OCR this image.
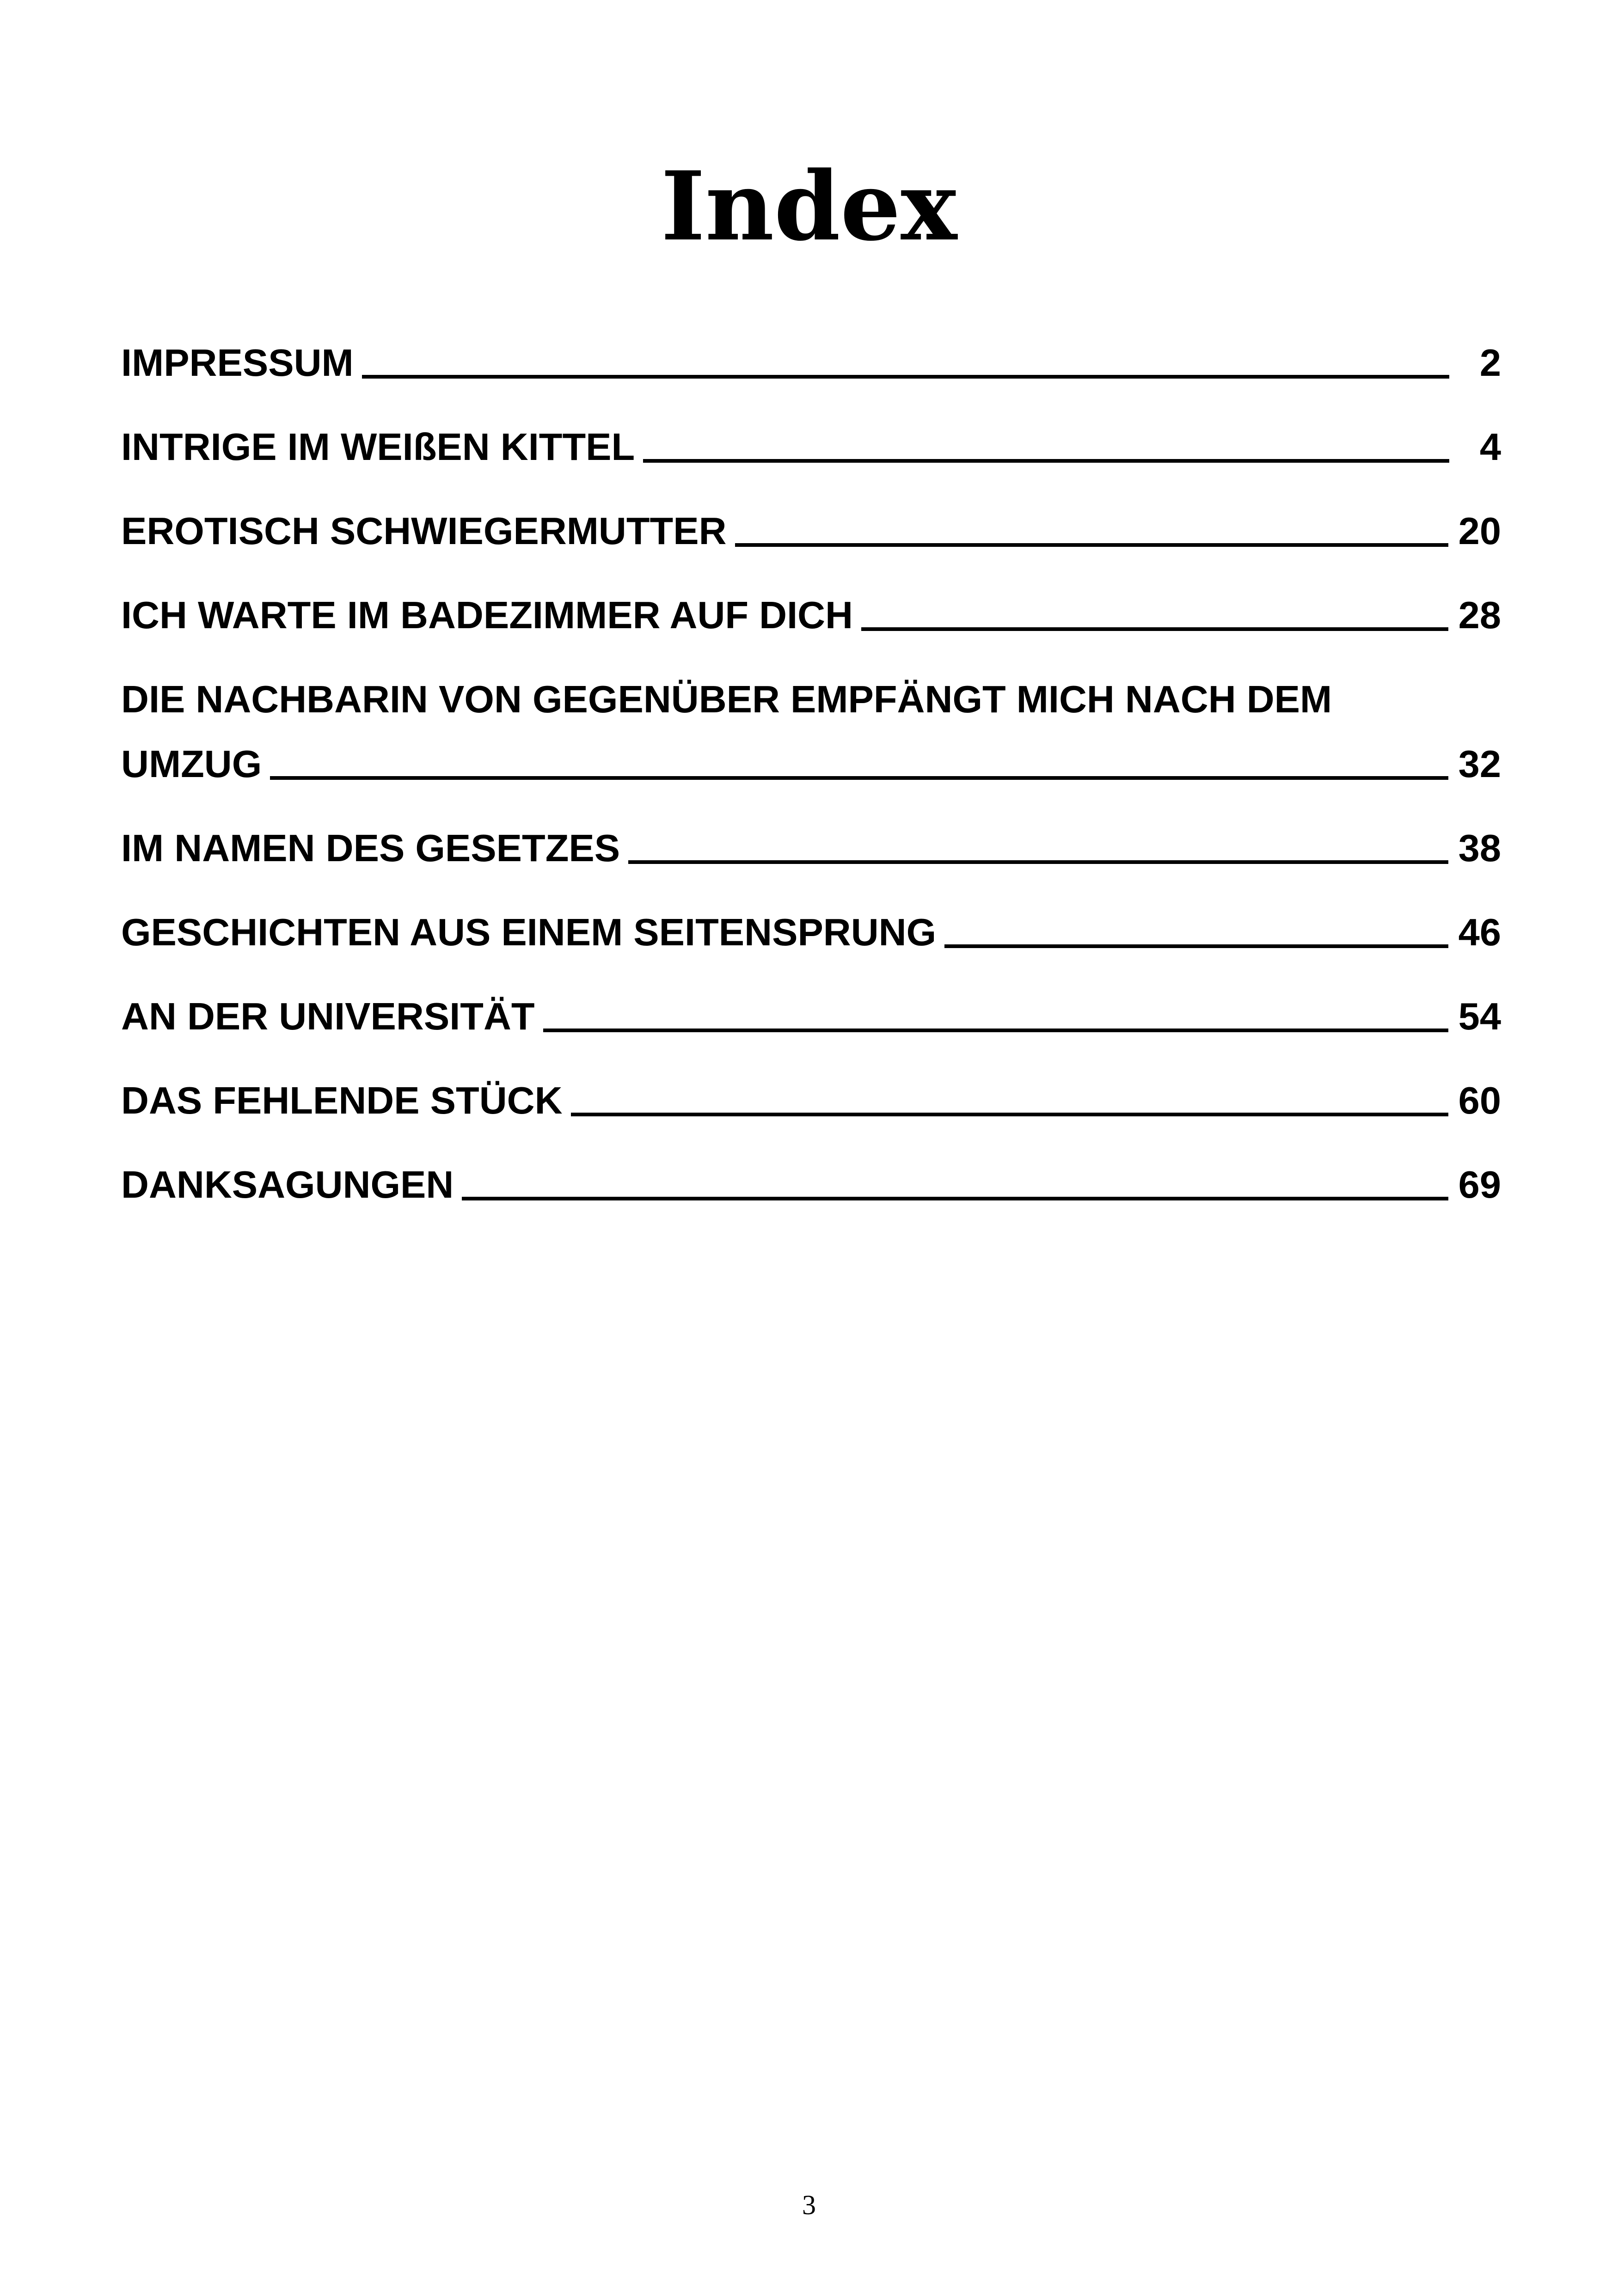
Index
IMPRESSUM	2
INTRIGE IM WEIßEN KITTEL	4
EROTISCH SCHWIEGERMUTTER	20
ICH WARTE IM BADEZIMMER AUF DICH	28
DIE NACHBARIN VON GEGENÜBER EMPFÄNGT MICH NACH DEM
UMZUG	32
IM NAMEN DES GESETZES	38
GESCHICHTEN AUS EINEM SEITENSPRUNG	46
AN DER UNIVERSITÄT	54
DAS FEHLENDE STÜCK	60
DANKSAGUNGEN	69
3
